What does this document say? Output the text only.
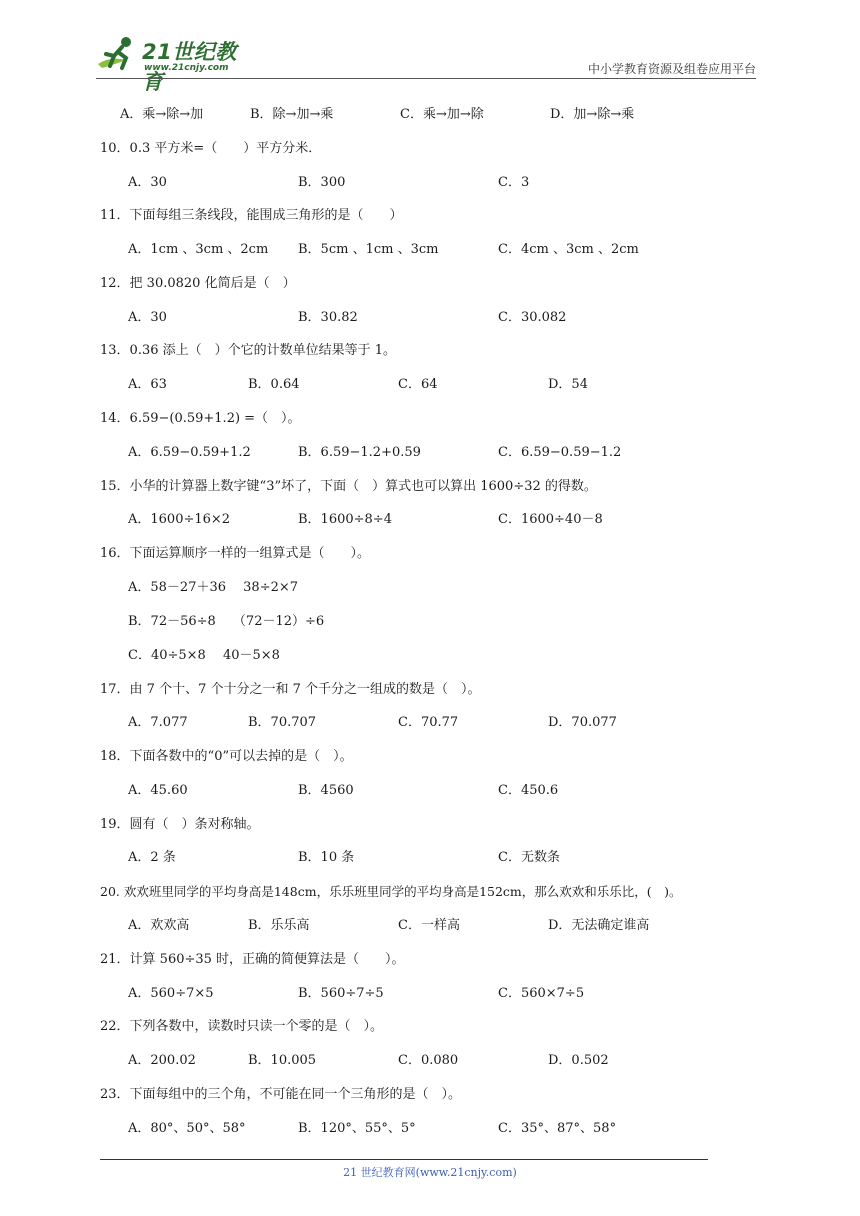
21世纪教育
www.21cnjy.com	中小学教育资源及组卷应用平台
A．乘→除→加	B．除→加→乘	C．乘→加→除	D．加→除→乘
10．0.3 平方米=（　　）平方分米．
A．30	B．300	C．3
11．下面每组三条线段，能围成三角形的是（　　）
A．1cm 、3cm 、2cm B．5cm 、1cm 、3cm	C．4cm 、3cm 、2cm
12．把 30.0820 化简后是（　）
A．30	B．30.82	C．30.082
13．0.36 添上（　）个它的计数单位结果等于 1。
A．63	B．0.64	C．64	D．54
14．6.59−(0.59+1.2) =（　）。
A．6.59−0.59+1.2	B．6.59−1.2+0.59	C．6.59−0.59−1.2
15．小华的计算器上数字键“3”坏了，下面（　）算式也可以算出 1600÷32 的得数。
A．1600÷16×2	B．1600÷8÷4	C．1600÷40－8
16．下面运算顺序一样的一组算式是（　　）。
A．58－27＋36　 38÷2×7
B．72－56÷8　 （72－12）÷6
C．40÷5×8　 40－5×8
17．由 7 个十、7 个十分之一和 7 个千分之一组成的数是（　）。
A．7.077	B．70.707	C．70.77	D．70.077
18．下面各数中的“0”可以去掉的是（　）。
A．45.60	B．4560	C．450.6
19．圆有（　）条对称轴。
A．2 条	B．10 条	C．无数条
20. 欢欢班里同学的平均身高是148cm，乐乐班里同学的平均身高是152cm，那么欢欢和乐乐比，(　)。
A．欢欢高	B．乐乐高	C．一样高	D．无法确定谁高
21．计算 560÷35 时，正确的简便算法是（　　）。
A．560÷7×5	B．560÷7÷5	C．560×7÷5
22．下列各数中，读数时只读一个零的是（　）。
A．200.02	B．10.005	C．0.080	D．0.502
23．下面每组中的三个角，不可能在同一个三角形的是（　）。
A．80°、50°、58°	B．120°、55°、5°	C．35°、87°、58°
21 世纪教育网(www.21cnjy.com)
